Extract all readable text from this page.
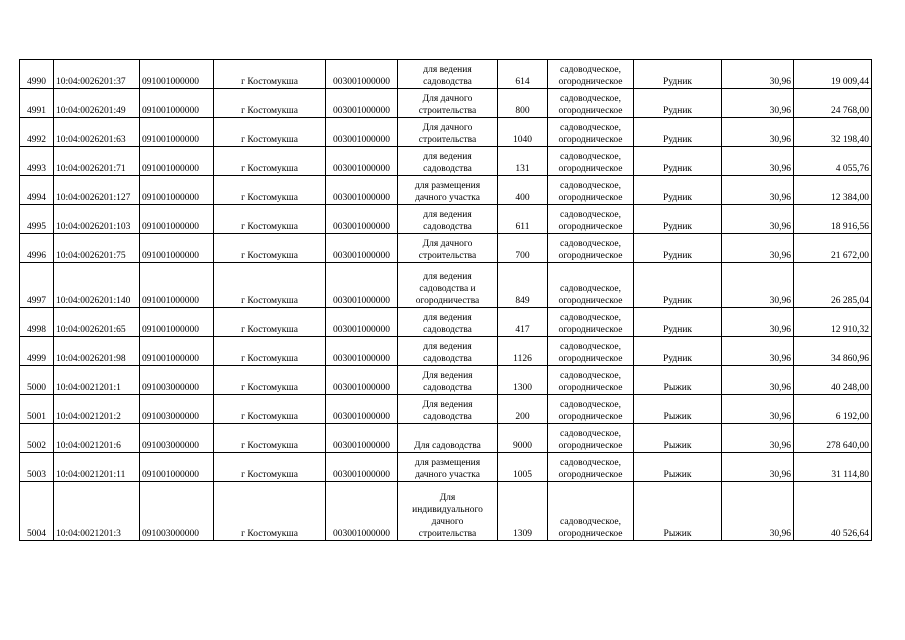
4990	10:04:0026201:37	091001000000	г Костомукша	003001000000	для ведения
садоводства	614	садоводческое,
огородническое	Рудник	30,96	19 009,44
4991	10:04:0026201:49	091001000000	г Костомукша	003001000000	Для дачного
строительства	800	садоводческое,
огородническое	Рудник	30,96	24 768,00
4992	10:04:0026201:63	091001000000	г Костомукша	003001000000	Для дачного
строительства	1040	садоводческое,
огородническое	Рудник	30,96	32 198,40
4993	10:04:0026201:71	091001000000	г Костомукша	003001000000	для ведения
садоводства	131	садоводческое,
огородническое	Рудник	30,96	4 055,76
4994	10:04:0026201:127	091001000000	г Костомукша	003001000000	для размещения
дачного участка	400	садоводческое,
огородническое	Рудник	30,96	12 384,00
4995	10:04:0026201:103	091001000000	г Костомукша	003001000000	для ведения
садоводства	611	садоводческое,
огородническое	Рудник	30,96	18 916,56
4996	10:04:0026201:75	091001000000	г Костомукша	003001000000	Для дачного
строительства	700	садоводческое,
огородническое	Рудник	30,96	21 672,00
4997	10:04:0026201:140	091001000000	г Костомукша	003001000000	для ведения
садоводства и
огородничества	849	садоводческое,
огородническое	Рудник	30,96	26 285,04
4998	10:04:0026201:65	091001000000	г Костомукша	003001000000	для ведения
садоводства	417	садоводческое,
огородническое	Рудник	30,96	12 910,32
4999	10:04:0026201:98	091001000000	г Костомукша	003001000000	для ведения
садоводства	1126	садоводческое,
огородническое	Рудник	30,96	34 860,96
5000	10:04:0021201:1	091003000000	г Костомукша	003001000000	Для ведения
садоводства	1300	садоводческое,
огородническое	Рыжик	30,96	40 248,00
5001	10:04:0021201:2	091003000000	г Костомукша	003001000000	Для ведения
садоводства	200	садоводческое,
огородническое	Рыжик	30,96	6 192,00
5002	10:04:0021201:6	091003000000	г Костомукша	003001000000	Для садоводства	9000	садоводческое,
огородническое	Рыжик	30,96	278 640,00
5003	10:04:0021201:11	091001000000	г Костомукша	003001000000	для размещения
дачного участка	1005	садоводческое,
огородническое	Рыжик	30,96	31 114,80
5004	10:04:0021201:3	091003000000	г Костомукша	003001000000	Для
индивидуального
дачного
строительства	1309	садоводческое,
огородническое	Рыжик	30,96	40 526,64
